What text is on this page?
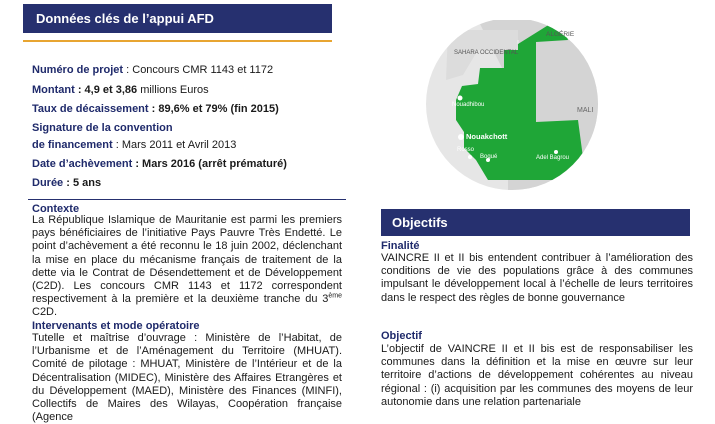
Données clés de l’appui AFD
Numéro de projet : Concours CMR 1143 et 1172
Montant : 4,9 et 3,86 millions Euros
Taux de décaissement : 89,6% et 79% (fin 2015)
Signature de la convention
de financement : Mars 2011 et Avril 2013
Date d’achèvement : Mars 2016 (arrêt prématuré)
Durée : 5 ans
Contexte
La République Islamique de Mauritanie est parmi les premiers pays bénéficiaires de l’initiative Pays Pauvre Très Endetté. Le point d’achèvement a été reconnu le 18 juin 2002, déclenchant la mise en place du mécanisme français de traitement de la dette via le Contrat de Désendettement et de Développement (C2D). Les concours CMR 1143 et 1172 correspondent respectivement à la première et la deuxième tranche du 3ème C2D.
Intervenants et mode opératoire
Tutelle et maîtrise d’ouvrage : Ministère de l’Habitat, de l’Urbanisme et de l’Aménagement du Territoire (MHUAT). Comité de pilotage : MHUAT, Ministère de l’Intérieur et de la Décentralisation (MIDEC), Ministère des Affaires Etrangères et du Développement (MAED), Ministère des Finances (MINFI), Collectifs de Maires des Wilayas, Coopération française (Agence
ALGÉRIE
SAHARA OCCIDENTAL
MALI
Nouadhibou
Nouakchott
Rosso
Bogué	Adel Bagrou
Objectifs
Finalité
VAINCRE II et II bis entendent contribuer à l’amélioration des conditions de vie des populations grâce à des communes impulsant le développement local à l’échelle de leurs territoires dans le respect des règles de bonne gouvernance
Objectif
L’objectif de VAINCRE II et II bis est de responsabiliser les communes dans la définition et la mise en œuvre sur leur territoire d’actions de développement cohérentes au niveau régional : (i) acquisition par les communes des moyens de leur autonomie dans une relation partenariale
